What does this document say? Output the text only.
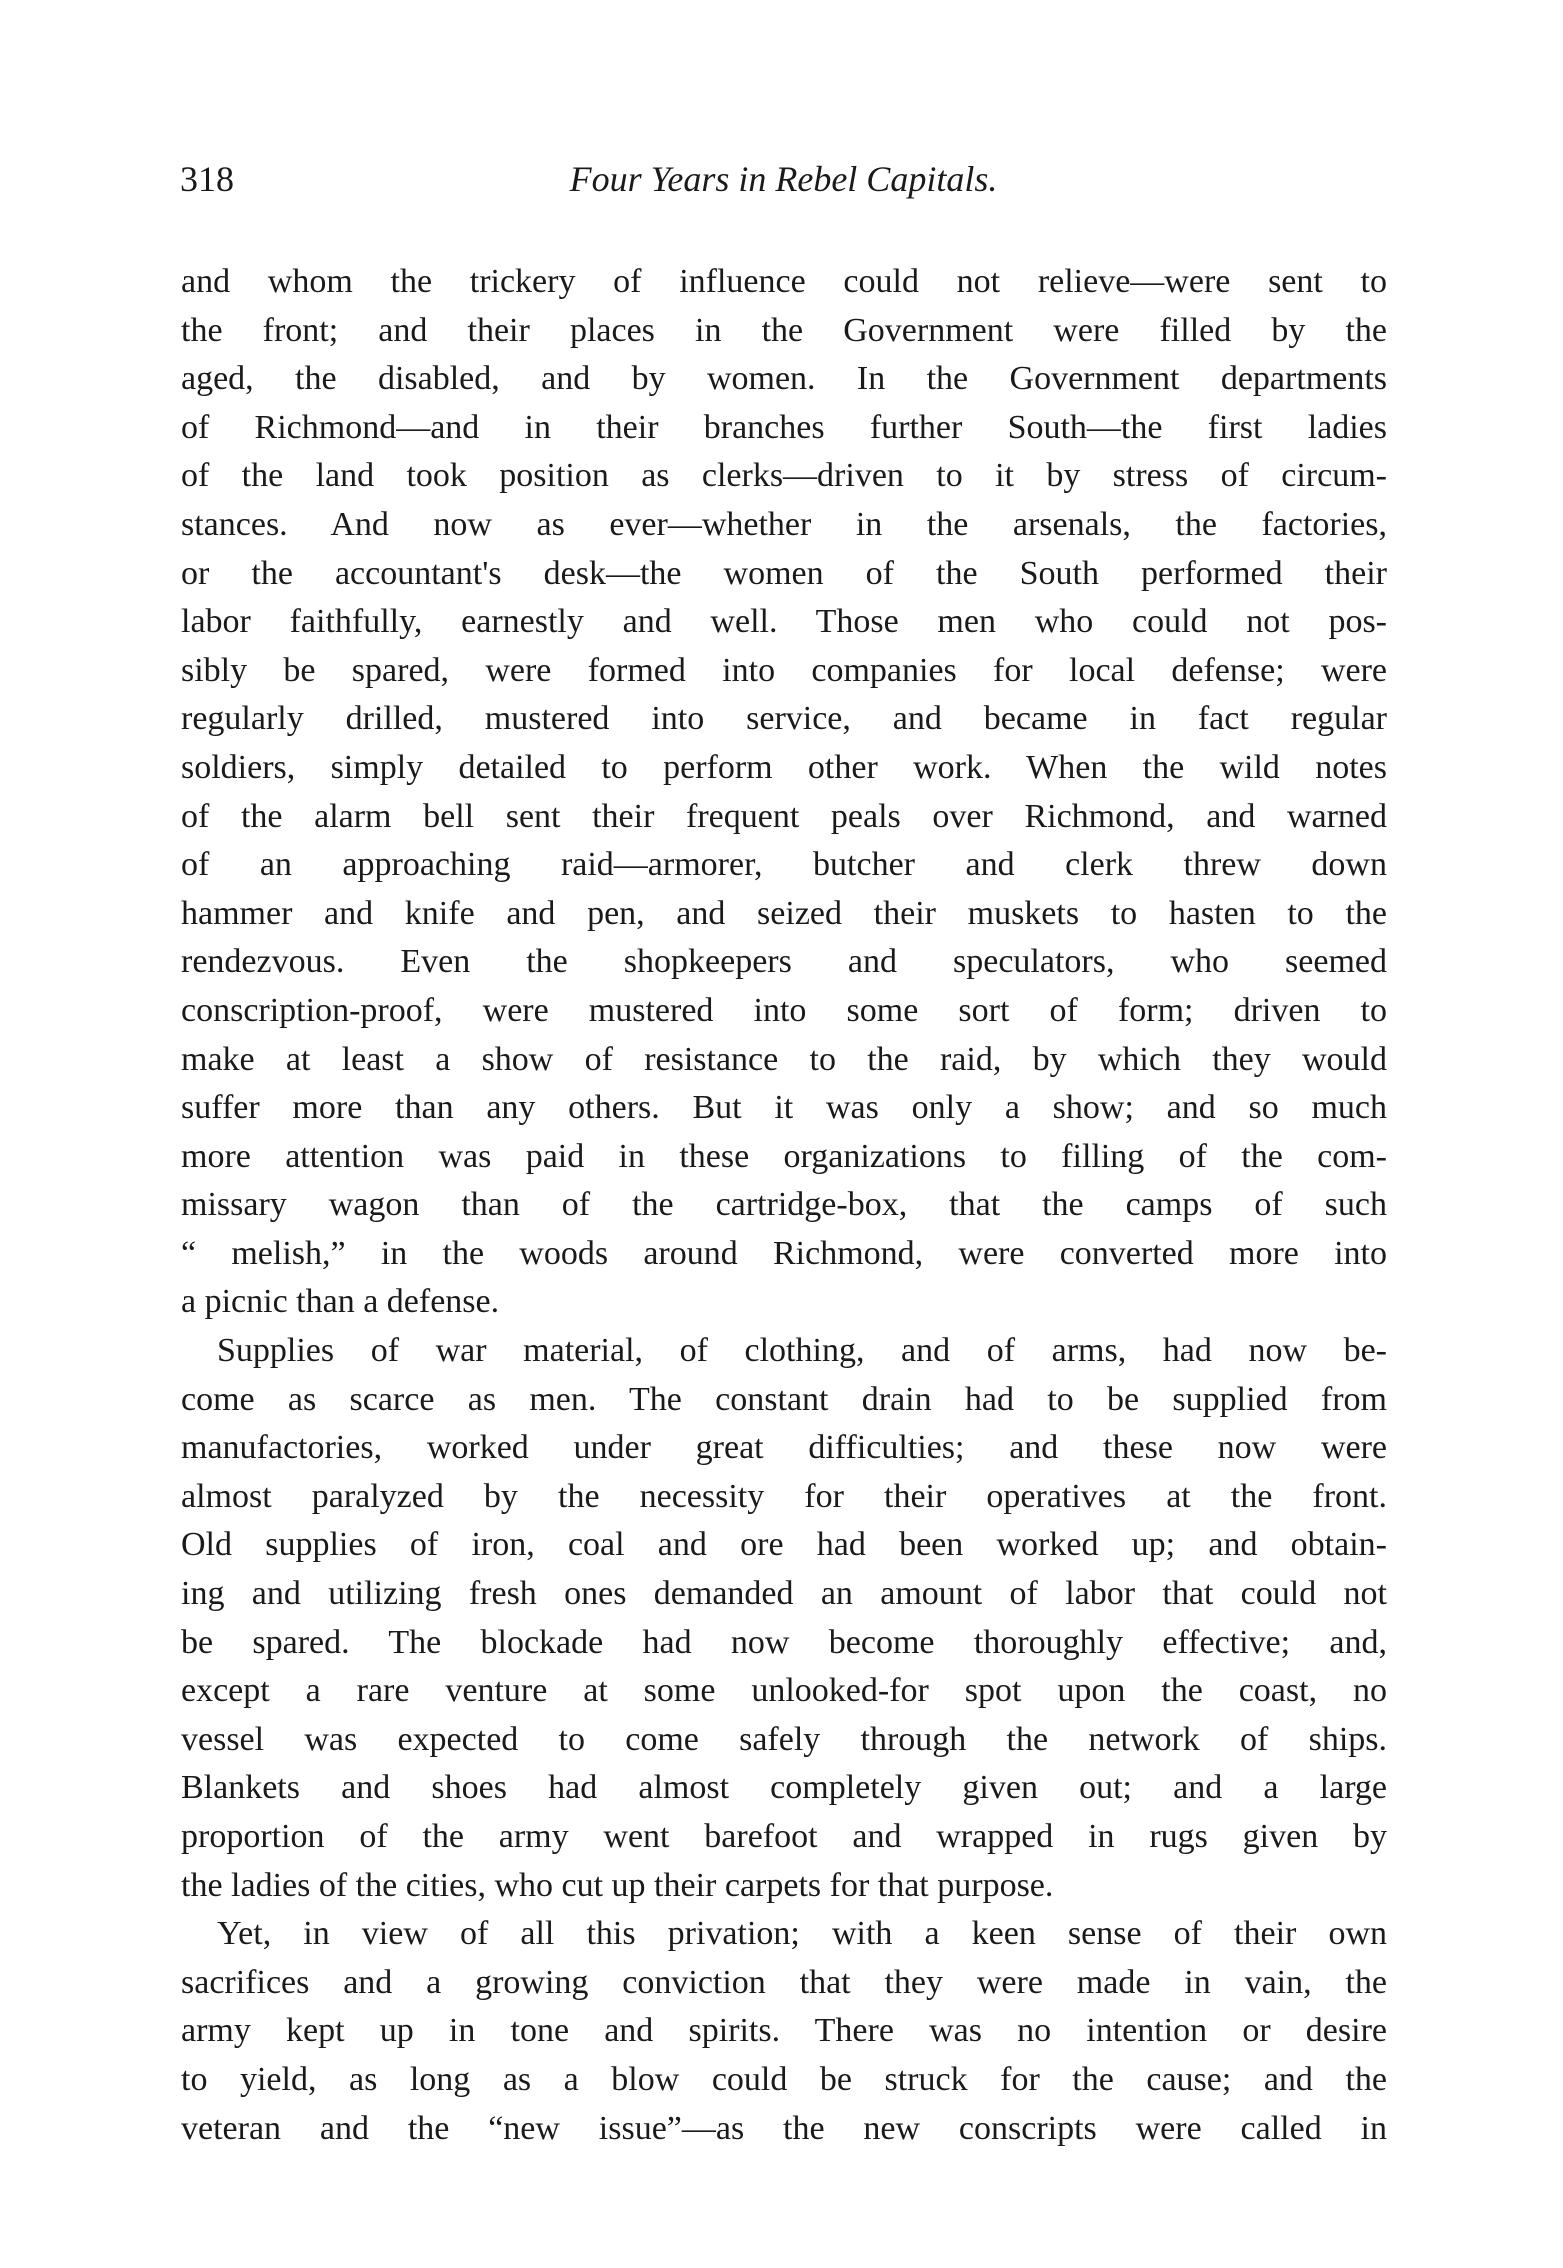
318	Four Years in Rebel Capitals.
and whom the trickery of influence could not relieve—were sent to
the front; and their places in the Government were filled by the
aged, the disabled, and by women. In the Government departments
of Richmond—and in their branches further South—the first ladies
of the land took position as clerks—driven to it by stress of circum-
stances. And now as ever—whether in the arsenals, the factories,
or the accountant's desk—the women of the South performed their
labor faithfully, earnestly and well. Those men who could not pos-
sibly be spared, were formed into companies for local defense; were
regularly drilled, mustered into service, and became in fact regular
soldiers, simply detailed to perform other work. When the wild notes
of the alarm bell sent their frequent peals over Richmond, and warned
of an approaching raid—armorer, butcher and clerk threw down
hammer and knife and pen, and seized their muskets to hasten to the
rendezvous. Even the shopkeepers and speculators, who seemed
conscription-proof, were mustered into some sort of form; driven to
make at least a show of resistance to the raid, by which they would
suffer more than any others. But it was only a show; and so much
more attention was paid in these organizations to filling of the com-
missary wagon than of the cartridge-box, that the camps of such
“ melish,” in the woods around Richmond, were converted more into
a picnic than a defense.
Supplies of war material, of clothing, and of arms, had now be-
come as scarce as men. The constant drain had to be supplied from
manufactories, worked under great difficulties; and these now were
almost paralyzed by the necessity for their operatives at the front.
Old supplies of iron, coal and ore had been worked up; and obtain-
ing and utilizing fresh ones demanded an amount of labor that could not
be spared. The blockade had now become thoroughly effective; and,
except a rare venture at some unlooked-for spot upon the coast, no
vessel was expected to come safely through the network of ships.
Blankets and shoes had almost completely given out; and a large
proportion of the army went barefoot and wrapped in rugs given by
the ladies of the cities, who cut up their carpets for that purpose.
Yet, in view of all this privation; with a keen sense of their own
sacrifices and a growing conviction that they were made in vain, the
army kept up in tone and spirits. There was no intention or desire
to yield, as long as a blow could be struck for the cause; and the
veteran and the “new issue”—as the new conscripts were called in
